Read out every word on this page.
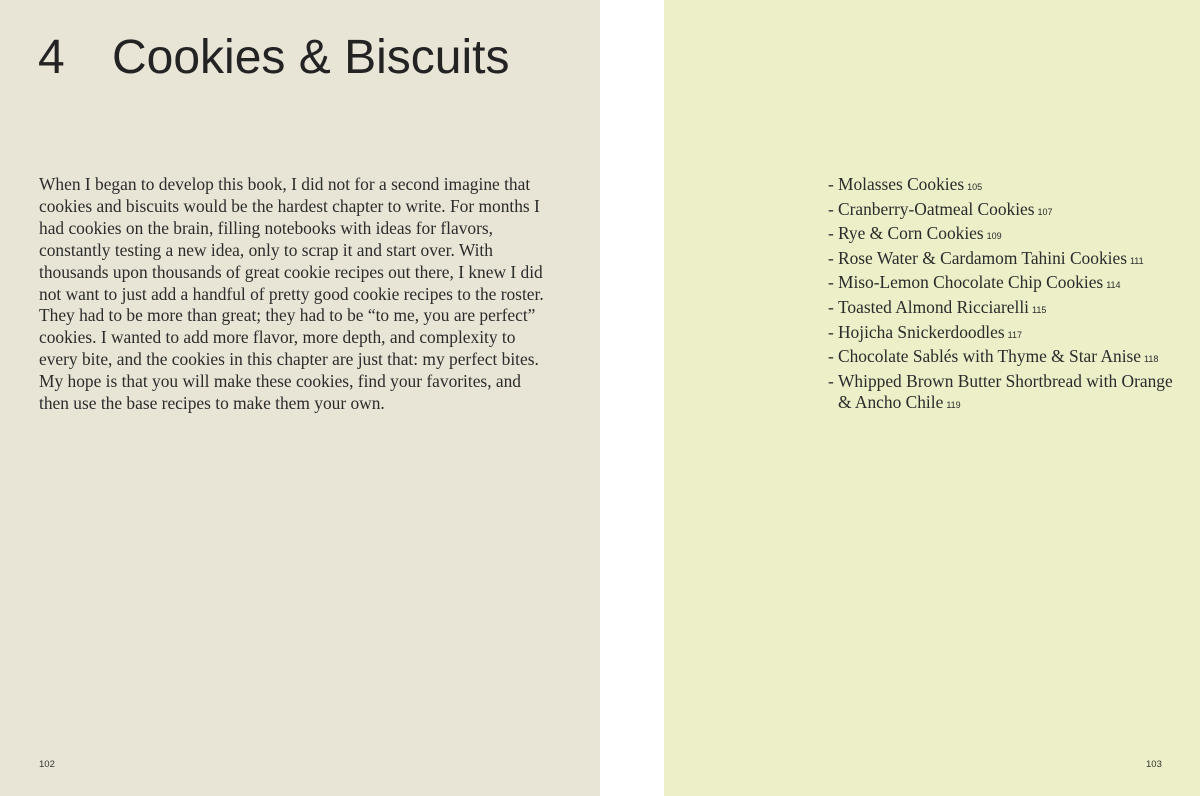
4 Cookies & Biscuits

When I began to develop this book, I did not for a second imagine that cookies and biscuits would be the hardest chapter to write. For months I had cookies on the brain, filling notebooks with ideas for flavors, constantly testing a new idea, only to scrap it and start over. With thousands upon thousands of great cookie recipes out there, I knew I did not want to just add a handful of pretty good cookie recipes to the roster. They had to be more than great; they had to be “to me, you are perfect” cookies. I wanted to add more flavor, more depth, and complexity to every bite, and the cookies in this chapter are just that: my perfect bites. My hope is that you will make these cookies, find your favorites, and then use the base recipes to make them your own.

102
- Molasses Cookies 105
- Cranberry-Oatmeal Cookies 107
- Rye & Corn Cookies 109
- Rose Water & Cardamom Tahini Cookies 111
- Miso-Lemon Chocolate Chip Cookies 114
- Toasted Almond Ricciarelli 115
- Hojicha Snickerdoodles 117
- Chocolate Sablés with Thyme & Star Anise 118
- Whipped Brown Butter Shortbread with Orange & Ancho Chile 119
103
